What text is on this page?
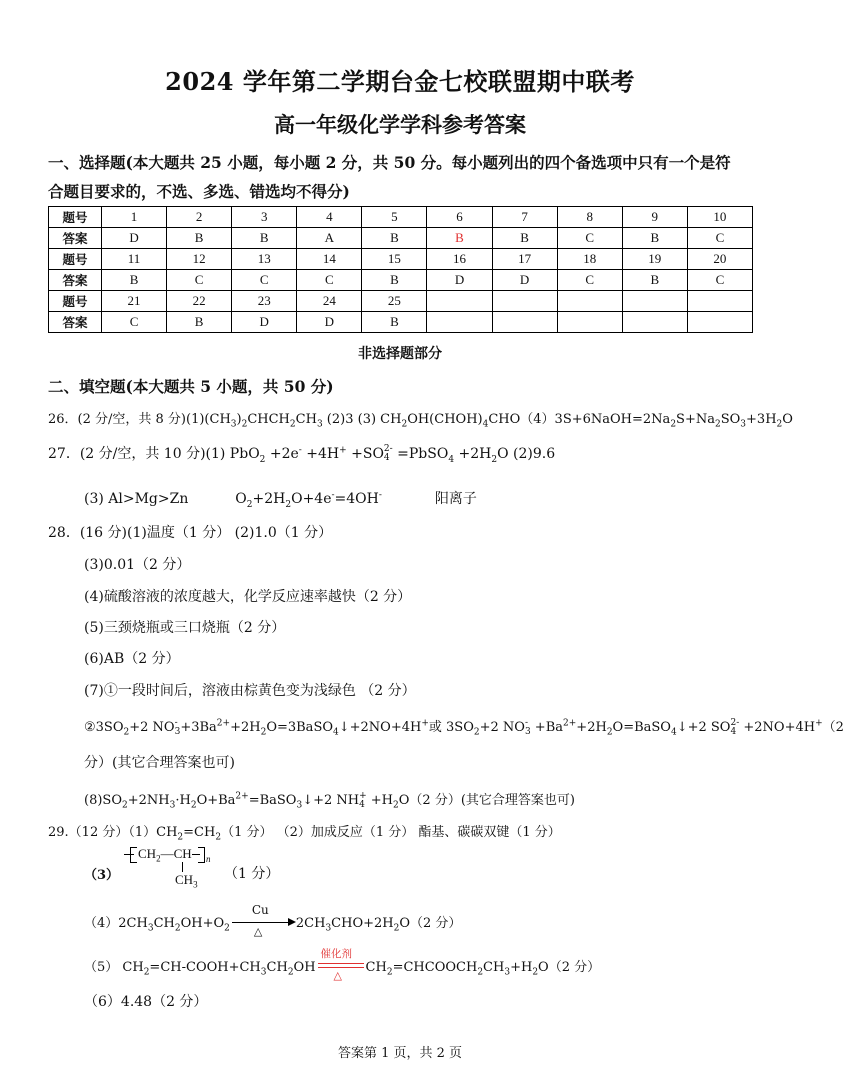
2024 学年第二学期台金七校联盟期中联考
高一年级化学学科参考答案
一、选择题(本大题共 25 小题，每小题 2 分，共 50 分。每小题列出的四个备选项中只有一个是符
合题目要求的，不选、多选、错选均不得分)
题号	1	2	3	4	5	6	7	8	9	10
答案	D	B	B	A	B	B	B	C	B	C
题号	11	12	13	14	15	16	17	18	19	20
答案	B	C	C	C	B	D	D	C	B	C
题号	21	22	23	24	25					
答案	C	B	D	D	B					
非选择题部分
二、填空题(本大题共 5 小题，共 50 分)
26．(2 分/空，共 8 分)$(1)(CH_3)_2CHCH_2CH_3$ (2)3 (3) $CH_2OH(CHOH)_4CHO(4)3S+6NaOH=2Na_2S+Na_2SO_3+3H_2O$
27．(2 分/空，共 10 分)(1) PbO$_2$ +2e- +4H+ +SO 2-
4 =PbSO$_4$ $+2H_2O$ (2)9.6
(3) Al>Mg>Zn	$O_2+2H_2O+4e^-=4OH^-$	阳离子
28．(16 分)(1)温度（1 分） (2)1.0（1 分）
(3)0.01（2 分）
(4)硫酸溶液的浓度越大，化学反应速率越快（2 分）
(5)三颈烧瓶或三口烧瓶（2 分）
(6)AB（2 分）
(7)①一段时间后，溶液由棕黄色变为浅绿色 （2 分）
$②3SO_2+2$ NO -
$3 +3Ba^{2+}+2H_2O=3BaSO_4↓+2NO+4H^+$或 $3SO_2+2$ NO -
$3 +Ba^{2+}+2H_2O=BaSO_4↓+2$ SO 2-
4 +2NO+4H+（2
分）(其它合理答案也可)
$(8)SO_2+2NH_3\cdot H_2O+Ba^{2+}=BaSO_3↓+2$ NH +
$4 +H_2O(2$ 分）(其它合理答案也可)
29.（12 分）$(1)CH_2=CH_2(1$ 分） （2）加成反应（1 分） 酯基、碳碳双键（1 分）
（3）
$CH_2—CH$ n
$CH_3$
（1 分）
$(4)2CH_3CH_2OH+O_2$
Cu
△
$2CH_3CHO+2H_2O(2$ 分）
（5） $CH_2=CH-COOH+CH_3CH_2OH$
催化剂
△
$CH_2=CHCOOCH_2CH_3+H_2O(2$ 分）
（6）4.48（2 分）
答案第 1 页，共 2 页
